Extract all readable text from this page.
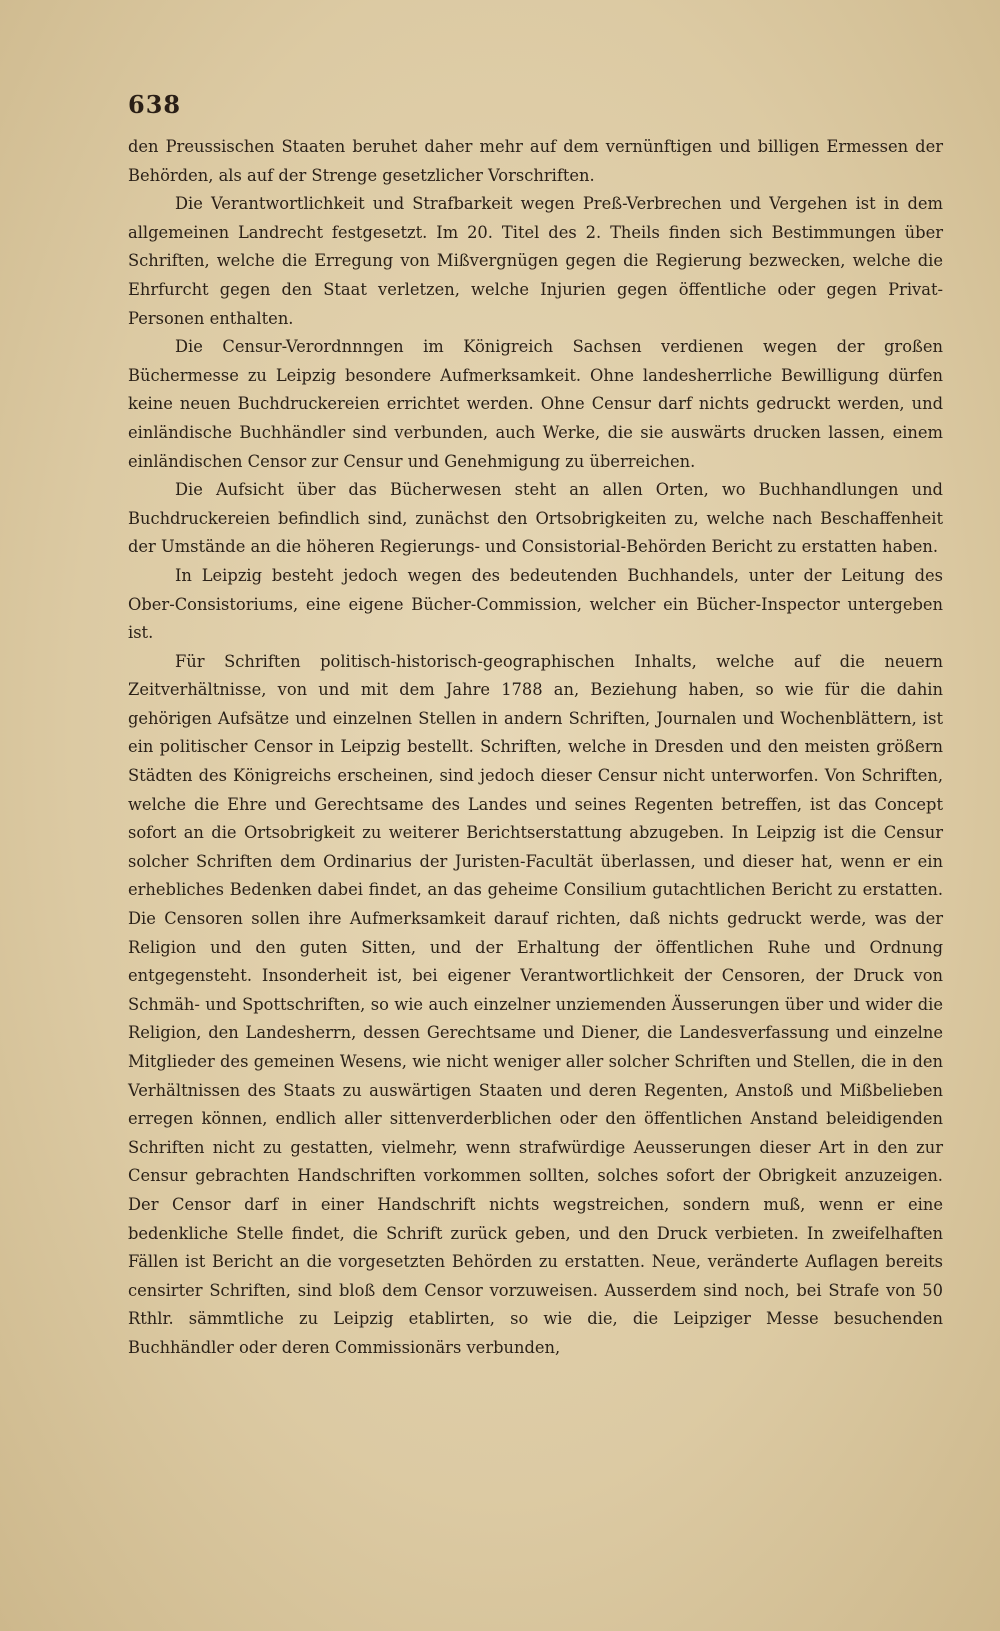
638

den Preussischen Staaten beruhet daher mehr auf dem vernünftigen und billigen Ermessen der Behörden, als auf der Strenge gesetzlicher Vorschriften.

Die Verantwortlichkeit und Strafbarkeit wegen Preß-Verbrechen und Vergehen ist in dem allgemeinen Landrecht festgesetzt. Im 20. Titel des 2. Theils finden sich Bestimmungen über Schriften, welche die Erregung von Mißvergnügen gegen die Regierung bezwecken, welche die Ehrfurcht gegen den Staat verletzen, welche Injurien gegen öffentliche oder gegen Privat-Personen enthalten.

Die Censur-Verordnnngen im Königreich Sachsen verdienen wegen der großen Büchermesse zu Leipzig besondere Aufmerksamkeit. Ohne landesherrliche Bewilligung dürfen keine neuen Buchdruckereien errichtet werden. Ohne Censur darf nichts gedruckt werden, und einländische Buchhändler sind verbunden, auch Werke, die sie auswärts drucken lassen, einem einländischen Censor zur Censur und Genehmigung zu überreichen.

Die Aufsicht über das Bücherwesen steht an allen Orten, wo Buchhandlungen und Buchdruckereien befindlich sind, zunächst den Ortsobrigkeiten zu, welche nach Beschaffenheit der Umstände an die höheren Regierungs- und Consistorial-Behörden Bericht zu erstatten haben.

In Leipzig besteht jedoch wegen des bedeutenden Buchhandels, unter der Leitung des Ober-Consistoriums, eine eigene Bücher-Commission, welcher ein Bücher-Inspector untergeben ist.

Für Schriften politisch-historisch-geographischen Inhalts, welche auf die neuern Zeitverhältnisse, von und mit dem Jahre 1788 an, Beziehung haben, so wie für die dahin gehörigen Aufsätze und einzelnen Stellen in andern Schriften, Journalen und Wochenblättern, ist ein politischer Censor in Leipzig bestellt. Schriften, welche in Dresden und den meisten größern Städten des Königreichs erscheinen, sind jedoch dieser Censur nicht unterworfen. Von Schriften, welche die Ehre und Gerechtsame des Landes und seines Regenten betreffen, ist das Concept sofort an die Ortsobrigkeit zu weiterer Berichtserstattung abzugeben. In Leipzig ist die Censur solcher Schriften dem Ordinarius der Juristen-Facultät überlassen, und dieser hat, wenn er ein erhebliches Bedenken dabei findet, an das geheime Consilium gutachtlichen Bericht zu erstatten. Die Censoren sollen ihre Aufmerksamkeit darauf richten, daß nichts gedruckt werde, was der Religion und den guten Sitten, und der Erhaltung der öffentlichen Ruhe und Ordnung entgegensteht. Insonderheit ist, bei eigener Verantwortlichkeit der Censoren, der Druck von Schmäh- und Spottschriften, so wie auch einzelner unziemenden Äusserungen über und wider die Religion, den Landesherrn, dessen Gerechtsame und Diener, die Landesverfassung und einzelne Mitglieder des gemeinen Wesens, wie nicht weniger aller solcher Schriften und Stellen, die in den Verhältnissen des Staats zu auswärtigen Staaten und deren Regenten, Anstoß und Mißbelieben erregen können, endlich aller sittenverderblichen oder den öffentlichen Anstand beleidigenden Schriften nicht zu gestatten, vielmehr, wenn strafwürdige Aeusserungen dieser Art in den zur Censur gebrachten Handschriften vorkommen sollten, solches sofort der Obrigkeit anzuzeigen. Der Censor darf in einer Handschrift nichts wegstreichen, sondern muß, wenn er eine bedenkliche Stelle findet, die Schrift zurück geben, und den Druck verbieten. In zweifelhaften Fällen ist Bericht an die vorgesetzten Behörden zu erstatten. Neue, veränderte Auflagen bereits censirter Schriften, sind bloß dem Censor vorzuweisen. Ausserdem sind noch, bei Strafe von 50 Rthlr. sämmtliche zu Leipzig etablirten, so wie die, die Leipziger Messe besuchenden Buchhändler oder deren Commissionärs verbunden,
